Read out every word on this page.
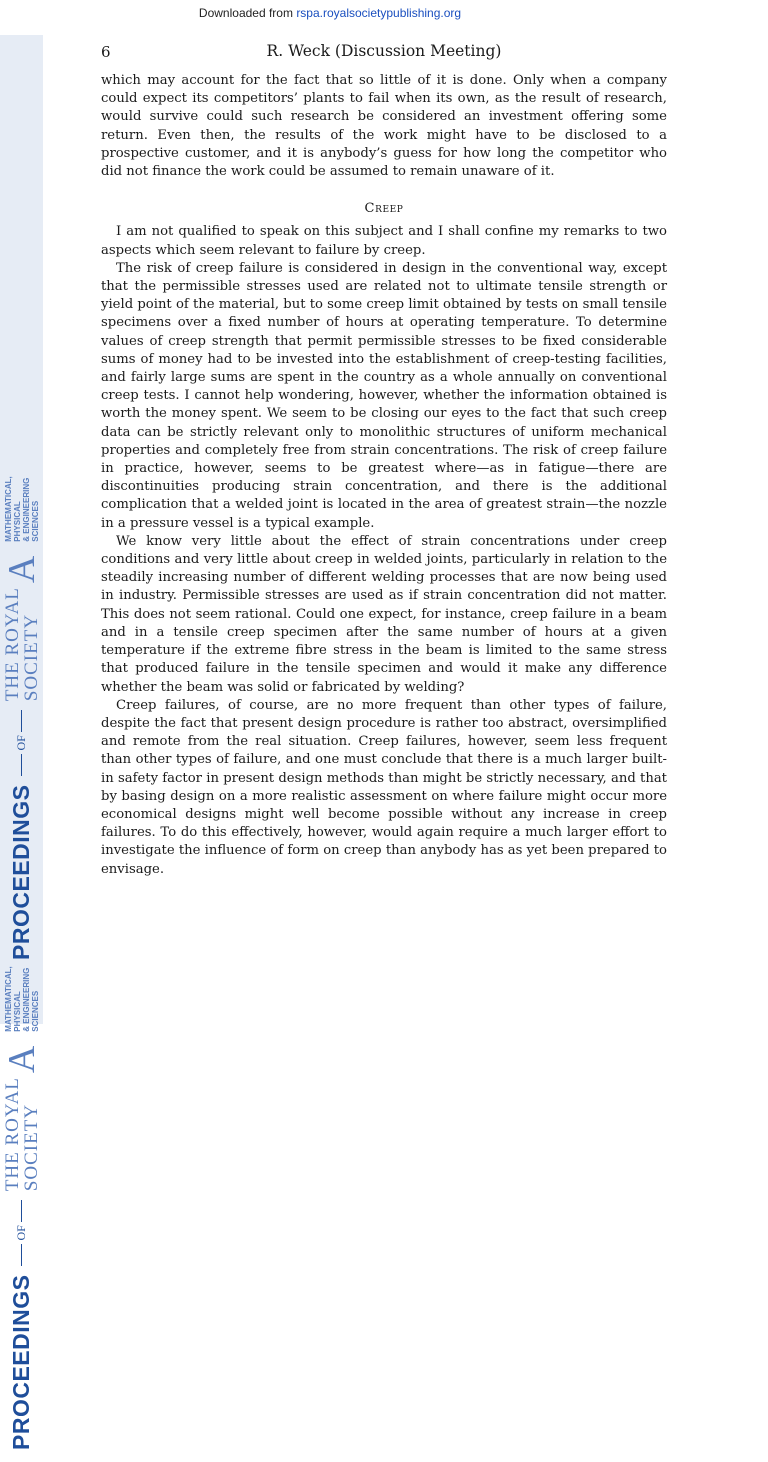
Downloaded from rspa.royalsocietypublishing.org
PROCEEDINGS
OF
THE ROYAL
SOCIETY
A
MATHEMATICAL, PHYSICAL & ENGINEERING SCIENCES
PROCEEDINGS
OF
THE ROYAL
SOCIETY
A
MATHEMATICAL, PHYSICAL & ENGINEERING SCIENCES
6	R. Weck (Discussion Meeting)

which may account for the fact that so little of it is done. Only when a company could expect its competitors’ plants to fail when its own, as the result of research, would survive could such research be considered an investment offering some return. Even then, the results of the work might have to be disclosed to a prospective customer, and it is anybody’s guess for how long the competitor who did not finance the work could be assumed to remain unaware of it.

Creep

I am not qualified to speak on this subject and I shall confine my remarks to two aspects which seem relevant to failure by creep.

The risk of creep failure is considered in design in the conventional way, except that the permissible stresses used are related not to ultimate tensile strength or yield point of the material, but to some creep limit obtained by tests on small tensile specimens over a fixed number of hours at operating temperature. To determine values of creep strength that permit permissible stresses to be fixed considerable sums of money had to be invested into the establishment of creep-testing facilities, and fairly large sums are spent in the country as a whole annually on conventional creep tests. I cannot help wondering, however, whether the information obtained is worth the money spent. We seem to be closing our eyes to the fact that such creep data can be strictly relevant only to monolithic structures of uniform mechanical properties and completely free from strain concentrations. The risk of creep failure in practice, however, seems to be greatest where—as in fatigue—there are discontinuities producing strain concentration, and there is the additional complication that a welded joint is located in the area of greatest strain—the nozzle in a pressure vessel is a typical example.

We know very little about the effect of strain concentrations under creep conditions and very little about creep in welded joints, particularly in relation to the steadily increasing number of different welding processes that are now being used in industry. Permissible stresses are used as if strain concentration did not matter. This does not seem rational. Could one expect, for instance, creep failure in a beam and in a tensile creep specimen after the same number of hours at a given temperature if the extreme fibre stress in the beam is limited to the same stress that produced failure in the tensile specimen and would it make any difference whether the beam was solid or fabricated by welding?

Creep failures, of course, are no more frequent than other types of failure, despite the fact that present design procedure is rather too abstract, oversimplified and remote from the real situation. Creep failures, however, seem less frequent than other types of failure, and one must conclude that there is a much larger built-in safety factor in present design methods than might be strictly necessary, and that by basing design on a more realistic assessment on where failure might occur more economical designs might well become possible without any increase in creep failures. To do this effectively, however, would again require a much larger effort to investigate the influence of form on creep than anybody has as yet been prepared to envisage.
